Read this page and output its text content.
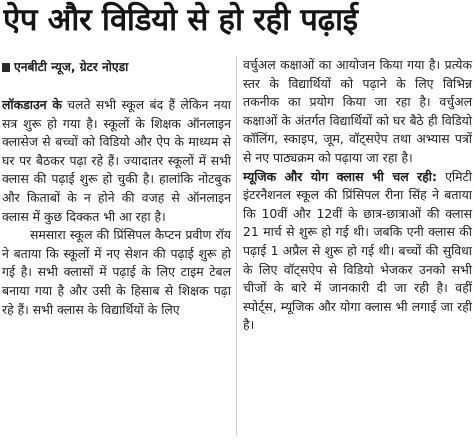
ऐप और विडियो से हो रही पढ़ाई
एनबीटी न्यूज, ग्रेटर नोएडा

लॉकडाउन के चलते सभी स्कूल बंद हैं लेकिन नया सत्र शुरू हो गया है। स्कूलों के शिक्षक ऑनलाइन क्लासेज से बच्चों को विडियो और ऐप के माध्यम से घर पर बैठकर पढ़ा रहे हैं। ज्यादातर स्कूलों में सभी क्लास की पढ़ाई शुरू हो चुकी है। हालांकि नोटबुक और किताबों के न होने की वजह से ऑनलाइन क्लास में कुछ दिक्कत भी आ रहा है।

समसारा स्कूल की प्रिंसिपल कैप्टन प्रवीण रॉय ने बताया कि स्कूलों में नए सेशन की पढ़ाई शुरू हो गई है। सभी क्लासों में पढ़ाई के लिए टाइम टेबल बनाया गया है और उसी के हिसाब से शिक्षक पढ़ा रहे हैं। सभी क्लास के विद्यार्थियों के लिए

वर्चुअल कक्षाओं का आयोजन किया गया है। प्रत्येक स्तर के विद्यार्थियों को पढ़ाने के लिए विभिन्न तकनीक का प्रयोग किया जा रहा है। वर्चुअल कक्षाओं के अंतर्गत विद्यार्थियों को घर बैठे ही विडियो कॉलिंग, स्काइप, जूम, वॉट्सऐप तथा अभ्यास पत्रों से नए पाठ्यक्रम को पढ़ाया जा रहा है।

म्यूजिक और योग क्लास भी चल रही: एमिटी इंटरनैशनल स्कूल की प्रिंसिपल रीना सिंह ने बताया कि 10वीं और 12वीं के छात्र-छात्राओं की क्लास 21 मार्च से शुरू हो गई थी। जबकि एनी क्लास की पढ़ाई 1 अप्रैल से शुरू हो गई थी। बच्चों की सुविधा के लिए वॉट्सऐप से विडियो भेजकर उनको सभी चीजों के बारे में जानकारी दी जा रही है। वहीं स्पोर्ट्स, म्यूजिक और योगा क्लास भी लगाई जा रही है।
